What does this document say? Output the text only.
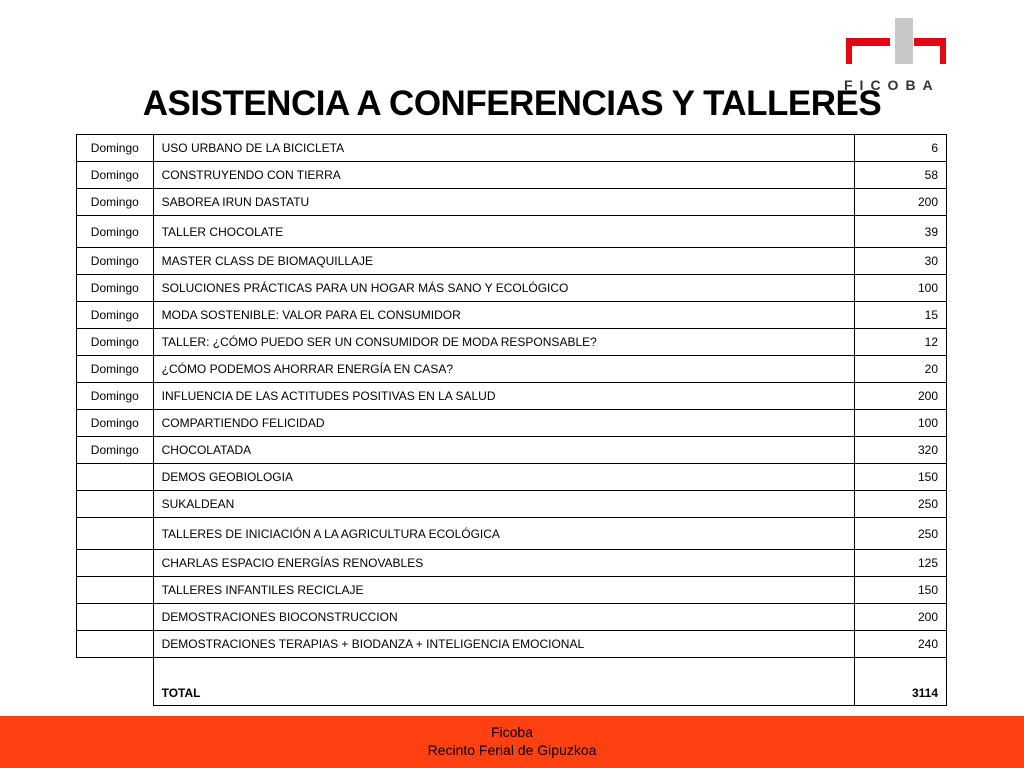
FICOBA
ASISTENCIA A CONFERENCIAS Y TALLERES
Domingo	USO URBANO DE LA BICICLETA	6
Domingo	CONSTRUYENDO CON TIERRA	58
Domingo	SABOREA IRUN DASTATU	200
Domingo	TALLER CHOCOLATE	39
Domingo	MASTER CLASS DE BIOMAQUILLAJE	30
Domingo	SOLUCIONES PRÁCTICAS PARA UN HOGAR MÁS SANO Y ECOLÓGICO	100
Domingo	MODA SOSTENIBLE: VALOR PARA EL CONSUMIDOR	15
Domingo	TALLER: ¿CÓMO PUEDO SER UN CONSUMIDOR DE MODA RESPONSABLE?	12
Domingo	¿CÓMO PODEMOS AHORRAR ENERGÍA EN CASA?	20
Domingo	INFLUENCIA DE LAS ACTITUDES POSITIVAS EN LA SALUD	200
Domingo	COMPARTIENDO FELICIDAD	100
Domingo	CHOCOLATADA	320
	DEMOS GEOBIOLOGIA	150
	SUKALDEAN	250
	TALLERES DE INICIACIÓN A LA AGRICULTURA ECOLÓGICA	250
	CHARLAS ESPACIO ENERGÍAS RENOVABLES	125
	TALLERES INFANTILES RECICLAJE	150
	DEMOSTRACIONES BIOCONSTRUCCION	200
	DEMOSTRACIONES TERAPIAS + BIODANZA + INTELIGENCIA EMOCIONAL	240
	TOTAL	3114
Ficoba
Recinto Ferial de Gipuzkoa
